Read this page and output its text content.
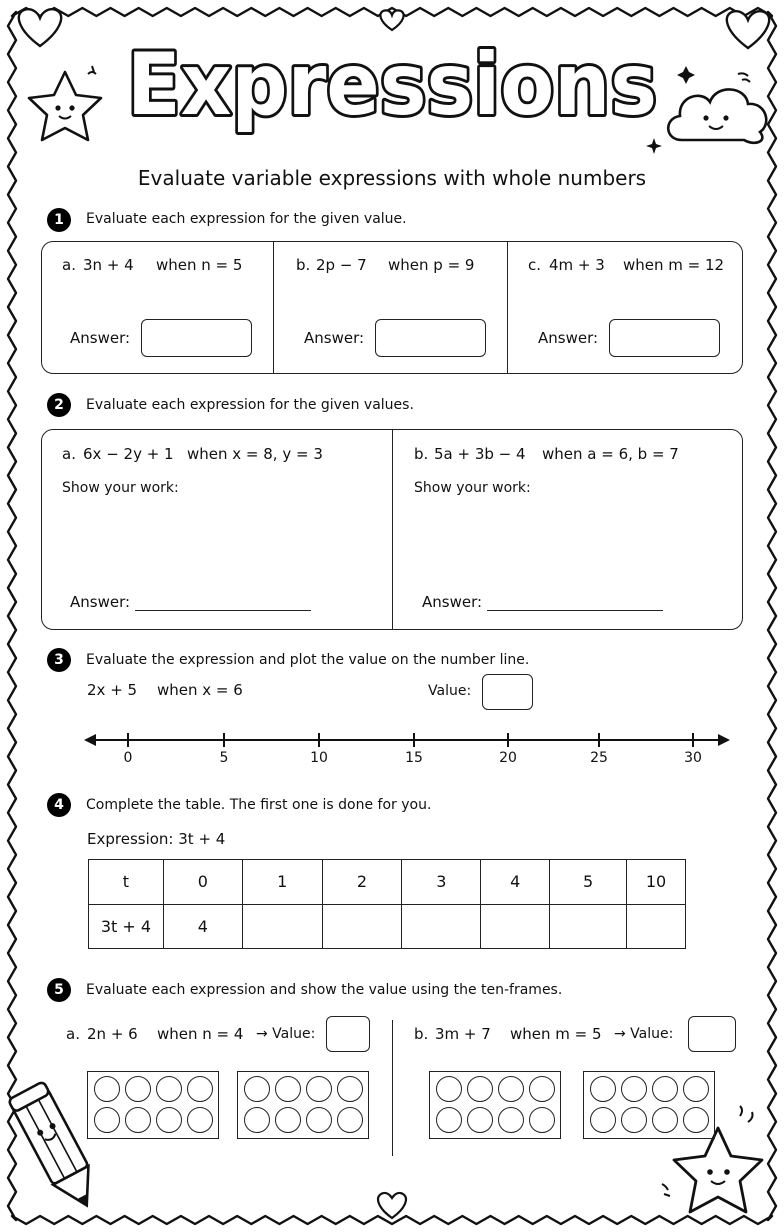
Expressions
Evaluate variable expressions with whole numbers
1	Evaluate each expression for the given value.
a. 3n + 4 when n = 5
Answer:
b. 2p − 7 when p = 9
Answer:
c. 4m + 3 when m = 12
Answer:
2	Evaluate each expression for the given values.
a. 6x − 2y + 1 when x = 8, y = 3
Show your work:
Answer:
b. 5a + 3b − 4 when a = 6, b = 7
Show your work:
Answer:
3	Evaluate the expression and plot the value on the number line.
2x + 5 when x = 6	Value:
0	5	10	15	20	25	30
4	Complete the table. The first one is done for you.
Expression: 3t + 4
t	0	1	2	3	4	5	10
3t + 4	4						
5	Evaluate each expression and show the value using the ten-frames.
a. 2n + 6 when n = 4 → Value:	b. 3m + 7 when m = 5 → Value:
